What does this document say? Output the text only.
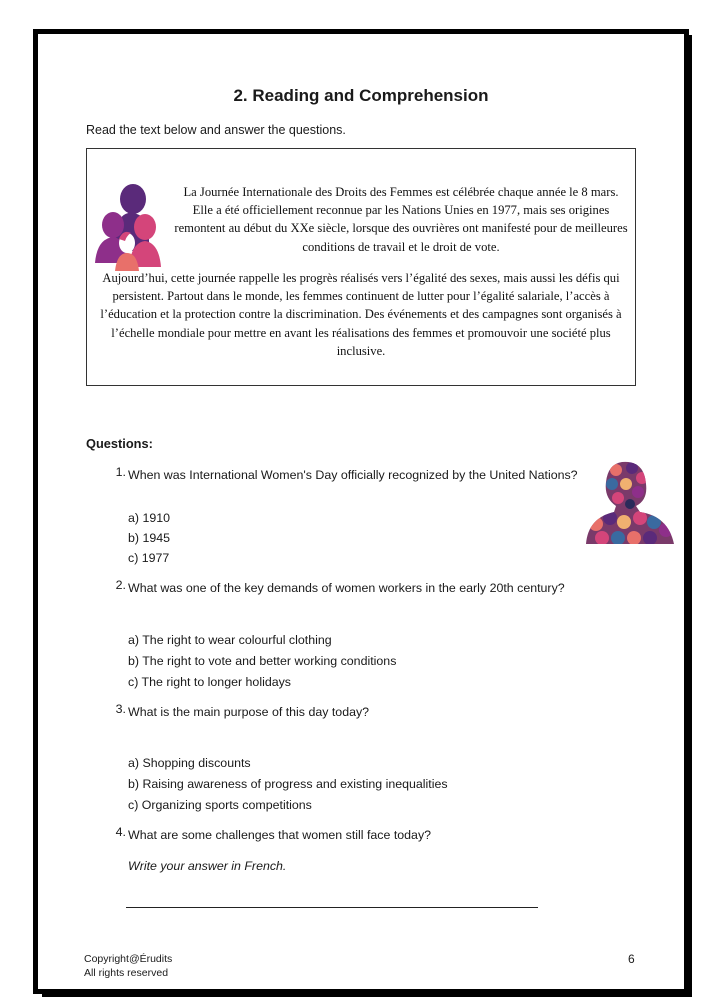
2. Reading and Comprehension
Read the text below and answer the questions.
La Journée Internationale des Droits des Femmes est célébrée chaque année le 8 mars. Elle a été officiellement reconnue par les Nations Unies en 1977, mais ses origines remontent au début du XXe siècle, lorsque des ouvrières ont manifesté pour de meilleures conditions de travail et le droit de vote.
Aujourd’hui, cette journée rappelle les progrès réalisés vers l’égalité des sexes, mais aussi les défis qui persistent. Partout dans le monde, les femmes continuent de lutter pour l’égalité salariale, l’accès à l’éducation et la protection contre la discrimination. Des événements et des campagnes sont organisés à l’échelle mondiale pour mettre en avant les réalisations des femmes et promouvoir une société plus inclusive.
Questions:
1. When was International Women's Day officially recognized by the United Nations?
a) 1910
b) 1945
c) 1977
2. What was one of the key demands of women workers in the early 20th century?
a) The right to wear colourful clothing
b) The right to vote and better working conditions
c) The right to longer holidays
3. What is the main purpose of this day today?
a) Shopping discounts
b) Raising awareness of progress and existing inequalities
c) Organizing sports competitions
4. What are some challenges that women still face today?
Write your answer in French.
Copyright@Érudits
All rights reserved
6
